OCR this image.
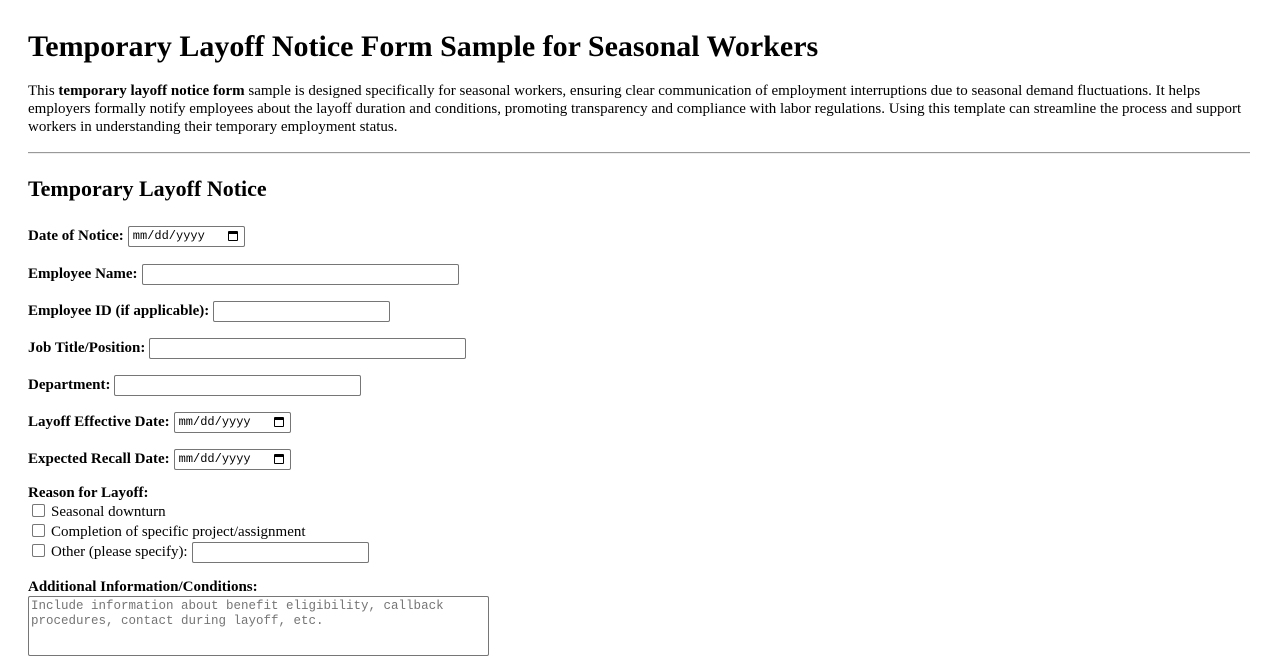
Temporary Layoff Notice Form Sample for Seasonal Workers

This temporary layoff notice form sample is designed specifically for seasonal workers, ensuring clear communication of employment interruptions due to seasonal demand fluctuations. It helps employers formally notify employees about the layoff duration and conditions, promoting transparency and compliance with labor regulations. Using this template can streamline the process and support workers in understanding their temporary employment status.

Temporary Layoff Notice
Date of Notice: mm/dd/yyyy
Employee Name:
Employee ID (if applicable):
Job Title/Position:
Department:
Layoff Effective Date: mm/dd/yyyy
Expected Recall Date: mm/dd/yyyy
Reason for Layoff:
Seasonal downturn
Completion of specific project/assignment
Other (please specify):
Additional Information/Conditions:
Include information about benefit eligibility, callback procedures, contact during layoff, etc.
